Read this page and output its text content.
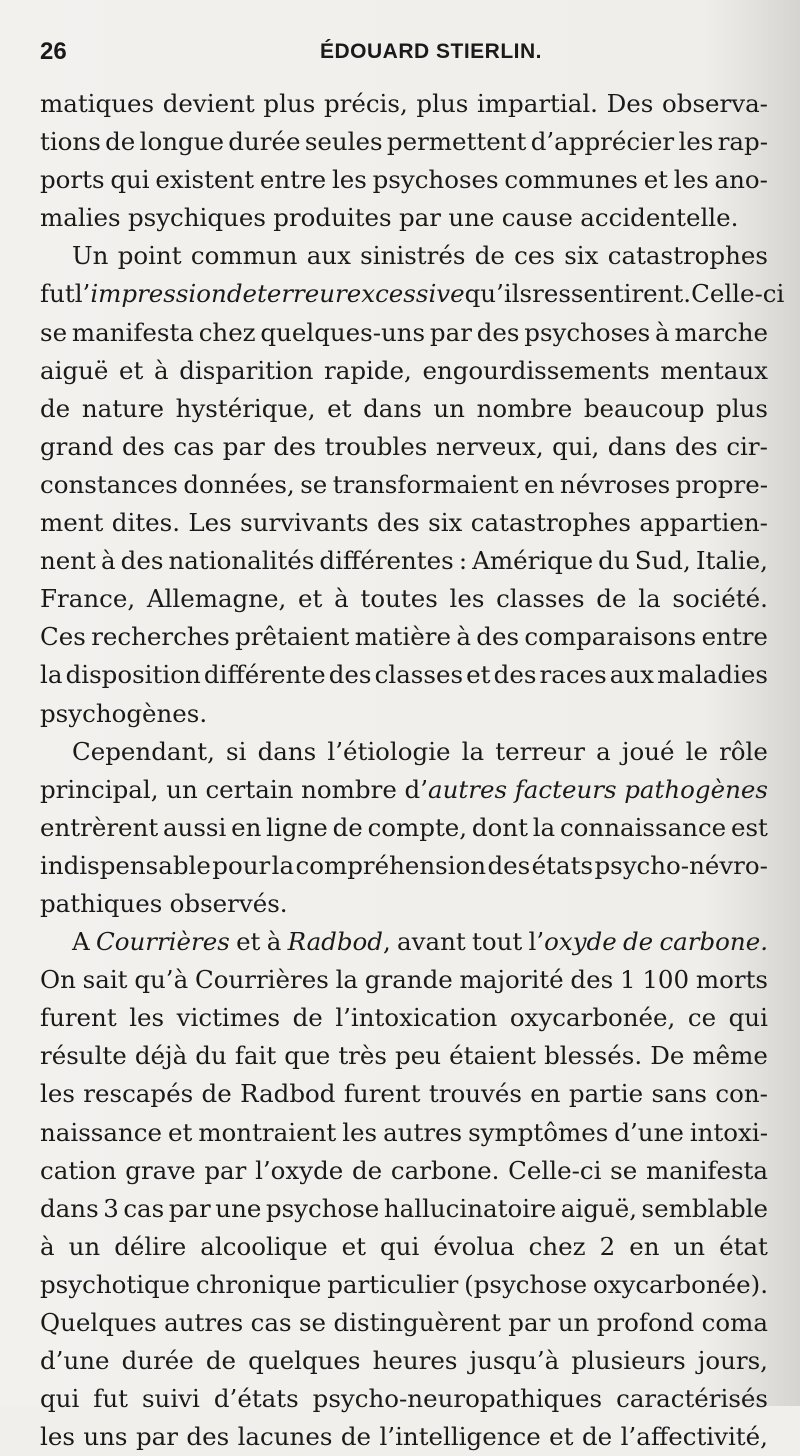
26	ÉDOUARD STIERLIN.
matiques devient plus précis, plus impartial. Des observa-
tions de longue durée seules permettent d’apprécier les rap-
ports qui existent entre les psychoses communes et les ano-
malies psychiques produites par une cause accidentelle.
Un point commun aux sinistrés de ces six catastrophes
fut l’impression de terreur excessive qu’ils ressentirent. Celle-ci
se manifesta chez quelques-uns par des psychoses à marche
aiguë et à disparition rapide, engourdissements mentaux
de nature hystérique, et dans un nombre beaucoup plus
grand des cas par des troubles nerveux, qui, dans des cir-
constances données, se transformaient en névroses propre-
ment dites. Les survivants des six catastrophes appartien-
nent à des nationalités différentes : Amérique du Sud, Italie,
France, Allemagne, et à toutes les classes de la société.
Ces recherches prêtaient matière à des comparaisons entre
la disposition différente des classes et des races aux maladies
psychogènes.
Cependant, si dans l’étiologie la terreur a joué le rôle
principal, un certain nombre d’autres facteurs pathogènes
entrèrent aussi en ligne de compte, dont la connaissance est
indispensable pour la compréhension des états psycho-névro-
pathiques observés.
A Courrières et à Radbod, avant tout l’oxyde de carbone.
On sait qu’à Courrières la grande majorité des 1 100 morts
furent les victimes de l’intoxication oxycarbonée, ce qui
résulte déjà du fait que très peu étaient blessés. De même
les rescapés de Radbod furent trouvés en partie sans con-
naissance et montraient les autres symptômes d’une intoxi-
cation grave par l’oxyde de carbone. Celle-ci se manifesta
dans 3 cas par une psychose hallucinatoire aiguë, semblable
à un délire alcoolique et qui évolua chez 2 en un état
psychotique chronique particulier (psychose oxycarbonée).
Quelques autres cas se distinguèrent par un profond coma
d’une durée de quelques heures jusqu’à plusieurs jours,
qui fut suivi d’états psycho-neuropathiques caractérisés
les uns par des lacunes de l’intelligence et de l’affectivité,
